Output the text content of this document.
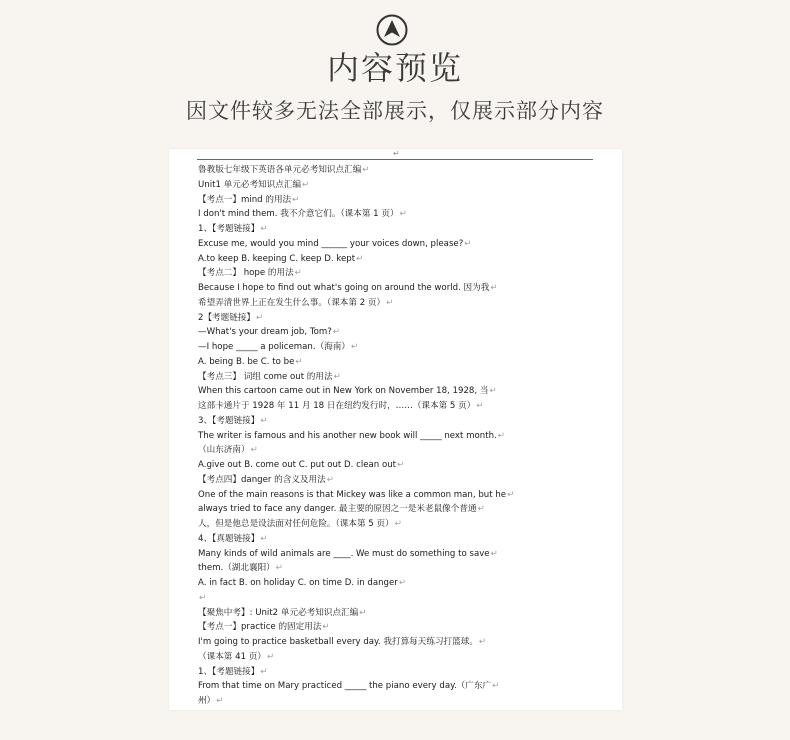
内容预览
因文件较多无法全部展示，仅展示部分内容
↵
鲁教版七年级下英语各单元必考知识点汇编↵
Unit1 单元必考知识点汇编↵
【考点一】mind 的用法↵
I don't mind them. 我不介意它们。（课本第 1 页）↵
1、【考题链接】↵
Excuse me, would you mind ______ your voices down, please?↵
A.to keep B. keeping C. keep D. kept↵
【考点二】 hope 的用法↵
Because I hope to find out what's going on around the world. 因为我↵
希望弄清世界上正在发生什么事。（课本第 2 页）↵
2【考题链接】↵
—What's your dream job, Tom?↵
—I hope _____ a policeman.（海南）↵
A. being B. be C. to be↵
【考点三】 词组 come out 的用法↵
When this cartoon came out in New York on November 18, 1928, 当↵
这部卡通片于 1928 年 11 月 18 日在纽约发行时，……（课本第 5 页）↵
3、【考题链接】↵
The writer is famous and his another new book will _____ next month.↵
（山东济南）↵
A.give out B. come out C. put out D. clean out↵
【考点四】danger 的含义及用法↵
One of the main reasons is that Mickey was like a common man, but he↵
always tried to face any danger. 最主要的原因之一是米老鼠像个普通↵
人，但是他总是设法面对任何危险。（课本第 5 页）↵
4、【真题链接】↵
Many kinds of wild animals are ____. We must do something to save↵
them.（湖北襄阳）↵
A. in fact B. on holiday C. on time D. in danger↵
↵
【聚焦中考】: Unit2 单元必考知识点汇编↵
【考点一】practice 的固定用法↵
I'm going to practice basketball every day. 我打算每天练习打篮球。↵
（课本第 41 页）↵
1、【考题链接】↵
From that time on Mary practiced _____ the piano every day.（广东广↵
州）↵
